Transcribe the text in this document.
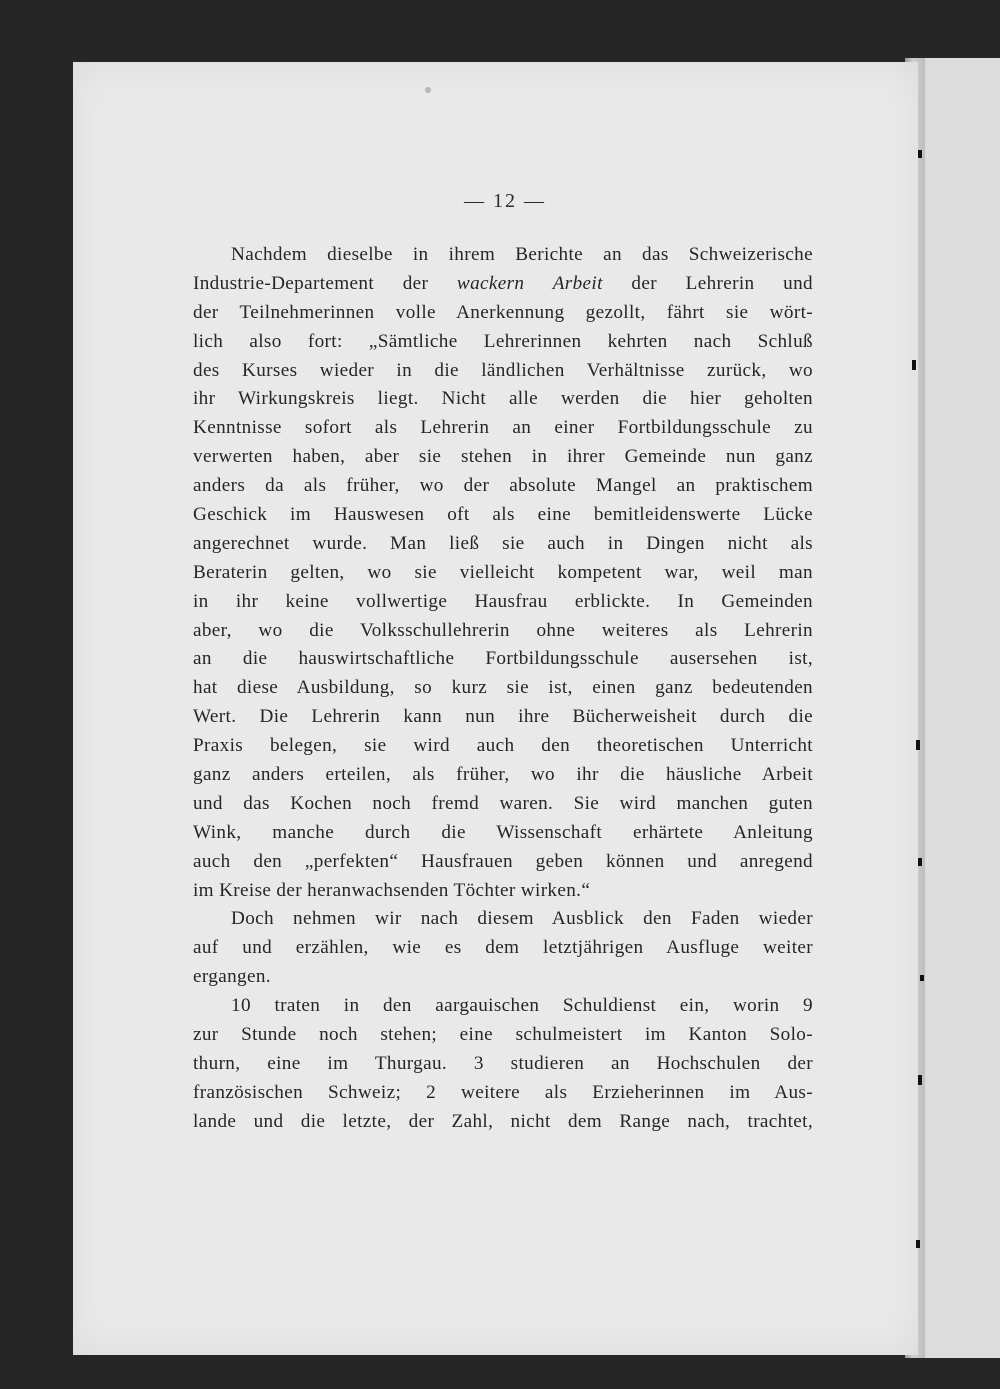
— 12 —
Nachdem dieselbe in ihrem Berichte an das Schweizerische
Industrie-Departement der wackern Arbeit der Lehrerin und
der Teilnehmerinnen volle Anerkennung gezollt, fährt sie wört-
lich also fort: „Sämtliche Lehrerinnen kehrten nach Schluß
des Kurses wieder in die ländlichen Verhältnisse zurück, wo
ihr Wirkungskreis liegt. Nicht alle werden die hier geholten
Kenntnisse sofort als Lehrerin an einer Fortbildungsschule zu
verwerten haben, aber sie stehen in ihrer Gemeinde nun ganz
anders da als früher, wo der absolute Mangel an praktischem
Geschick im Hauswesen oft als eine bemitleidenswerte Lücke
angerechnet wurde. Man ließ sie auch in Dingen nicht als
Beraterin gelten, wo sie vielleicht kompetent war, weil man
in ihr keine vollwertige Hausfrau erblickte. In Gemeinden
aber, wo die Volksschullehrerin ohne weiteres als Lehrerin
an die hauswirtschaftliche Fortbildungsschule ausersehen ist,
hat diese Ausbildung, so kurz sie ist, einen ganz bedeutenden
Wert. Die Lehrerin kann nun ihre Bücherweisheit durch die
Praxis belegen, sie wird auch den theoretischen Unterricht
ganz anders erteilen, als früher, wo ihr die häusliche Arbeit
und das Kochen noch fremd waren. Sie wird manchen guten
Wink, manche durch die Wissenschaft erhärtete Anleitung
auch den „perfekten“ Hausfrauen geben können und anregend
im Kreise der heranwachsenden Töchter wirken.“
Doch nehmen wir nach diesem Ausblick den Faden wieder
auf und erzählen, wie es dem letztjährigen Ausfluge weiter
ergangen.
10 traten in den aargauischen Schuldienst ein, worin 9
zur Stunde noch stehen; eine schulmeistert im Kanton Solo-
thurn, eine im Thurgau. 3 studieren an Hochschulen der
französischen Schweiz; 2 weitere als Erzieherinnen im Aus-
lande und die letzte, der Zahl, nicht dem Range nach, trachtet,
